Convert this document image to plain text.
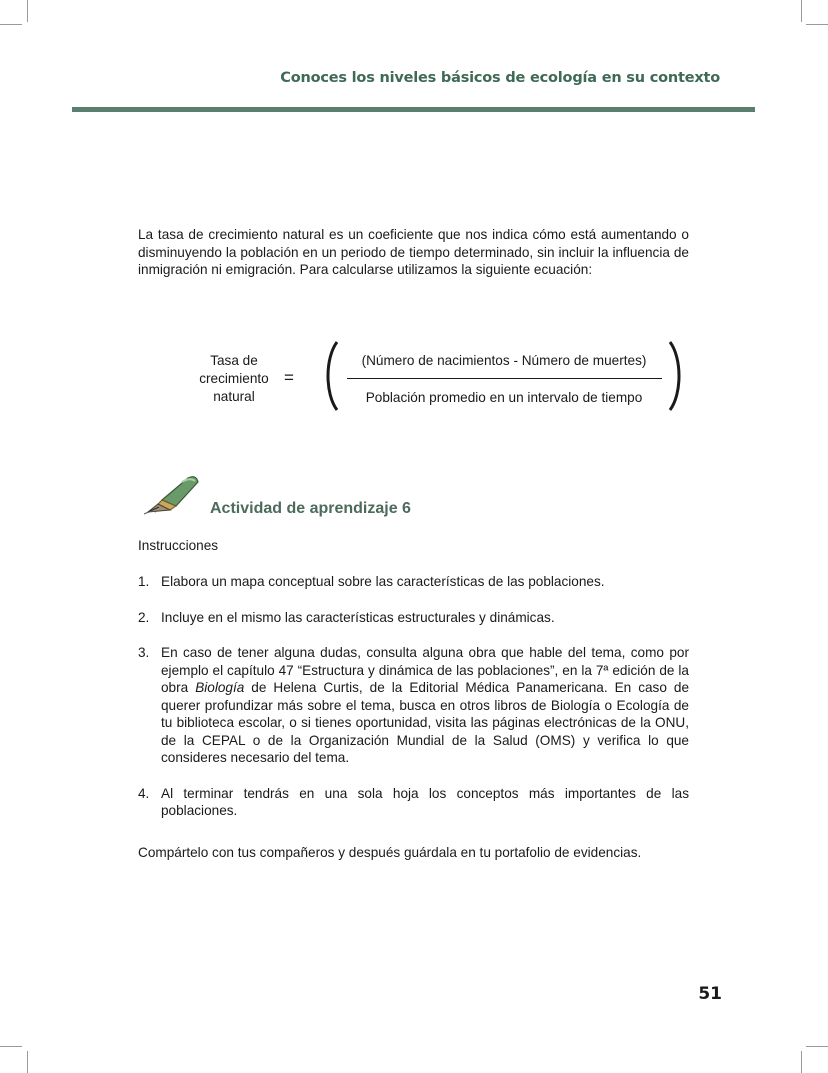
Conoces los niveles básicos de ecología en su contexto

La tasa de crecimiento natural es un coeficiente que nos indica cómo está aumentando o disminuyendo la población en un periodo de tiempo determinado, sin incluir la influencia de inmigración ni emigración. Para calcularse utilizamos la siguiente ecuación:

Tasa de
crecimiento
natural
=
(Número de nacimientos - Número de muertes)
Población promedio en un intervalo de tiempo
Actividad de aprendizaje 6
Instrucciones
1. Elabora un mapa conceptual sobre las características de las poblaciones.
2. Incluye en el mismo las características estructurales y dinámicas.
3. En caso de tener alguna dudas, consulta alguna obra que hable del tema, como por ejemplo el capítulo 47 “Estructura y dinámica de las poblaciones”, en la 7ª edición de la obra Biología de Helena Curtis, de la Editorial Médica Panamericana. En caso de querer profundizar más sobre el tema, busca en otros libros de Biología o Ecología de tu biblioteca escolar, o si tienes oportunidad, visita las páginas electrónicas de la ONU, de la CEPAL o de la Organización Mundial de la Salud (OMS) y verifica lo que consideres necesario del tema.
4. Al terminar tendrás en una sola hoja los conceptos más importantes de las poblaciones.

Compártelo con tus compañeros y después guárdala en tu portafolio de evidencias.

51
